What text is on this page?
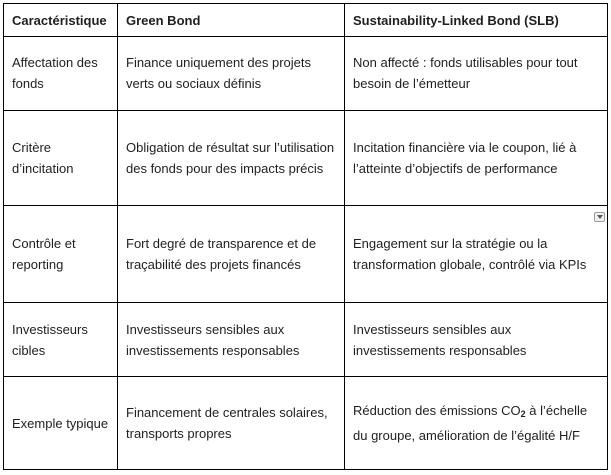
Caractéristique	Green Bond	Sustainability-Linked Bond (SLB)
Affectation des fonds	Finance uniquement des projets verts ou sociaux définis	Non affecté : fonds utilisables pour tout besoin de l’émetteur
Critère d’incitation	Obligation de résultat sur l’utilisation des fonds pour des impacts précis	Incitation financière via le coupon, lié à l’atteinte d’objectifs de performance
Contrôle et reporting	Fort degré de transparence et de traçabilité des projets financés	Engagement sur la stratégie ou la transformation globale, contrôlé via KPIs

Investisseurs cibles	Investisseurs sensibles aux investissements responsables	Investisseurs sensibles aux investissements responsables
Exemple typique	Financement de centrales solaires, transports propres	Réduction des émissions $CO_2$ à l’échelle du groupe, amélioration de l’égalité H/F
